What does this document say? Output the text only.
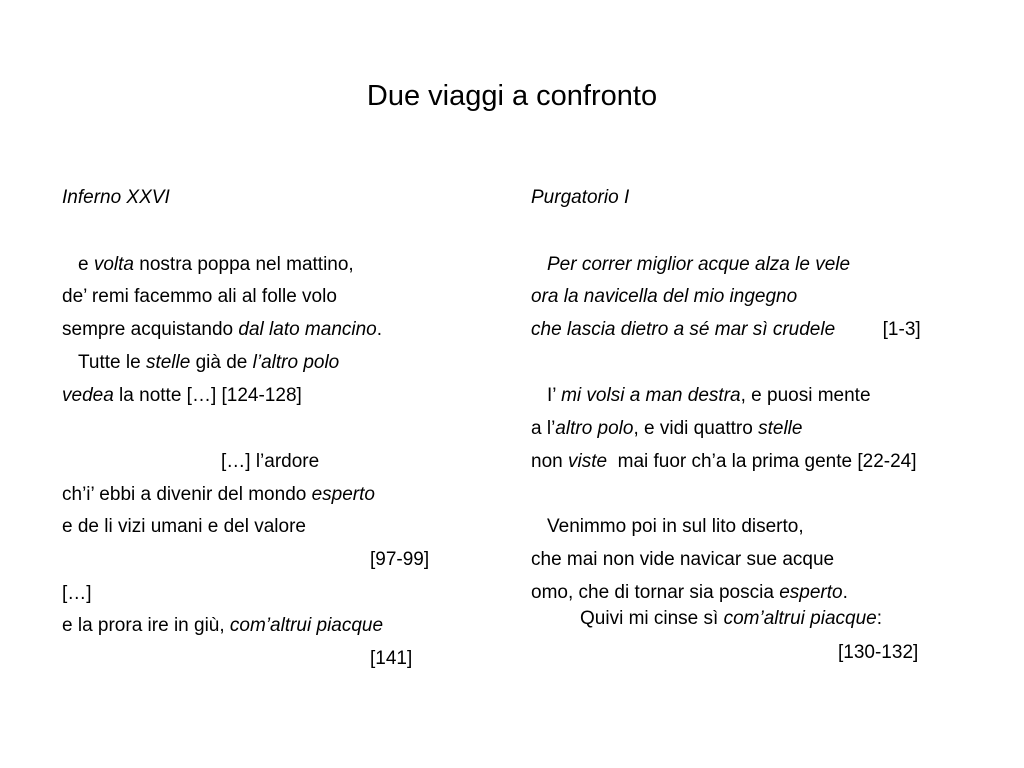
Due viaggi a confronto
Inferno XXVI
e volta nostra poppa nel mattino,
de’ remi facemmo ali al folle volo
sempre acquistando dal lato mancino.
Tutte le stelle già de l’altro polo
vedea la notte […] [124-128]
[…] l’ardore
ch’i’ ebbi a divenir del mondo esperto
e de li vizi umani e del valore
[97-99]
[…]
e la prora ire in giù, com’altrui piacque
[141]
Purgatorio I
Per correr miglior acque alza le vele
ora la navicella del mio ingegno
che lascia dietro a sé mar sì crudele         [1-3]
I’ mi volsi a man destra, e puosi mente
a l’altro polo, e vidi quattro stelle
non viste  mai fuor ch’a la prima gente [22-24]
Venimmo poi in sul lito diserto,
che mai non vide navicar sue acque
omo, che di tornar sia poscia esperto.
Quivi mi cinse sì com’altrui piacque:
[130-132]
